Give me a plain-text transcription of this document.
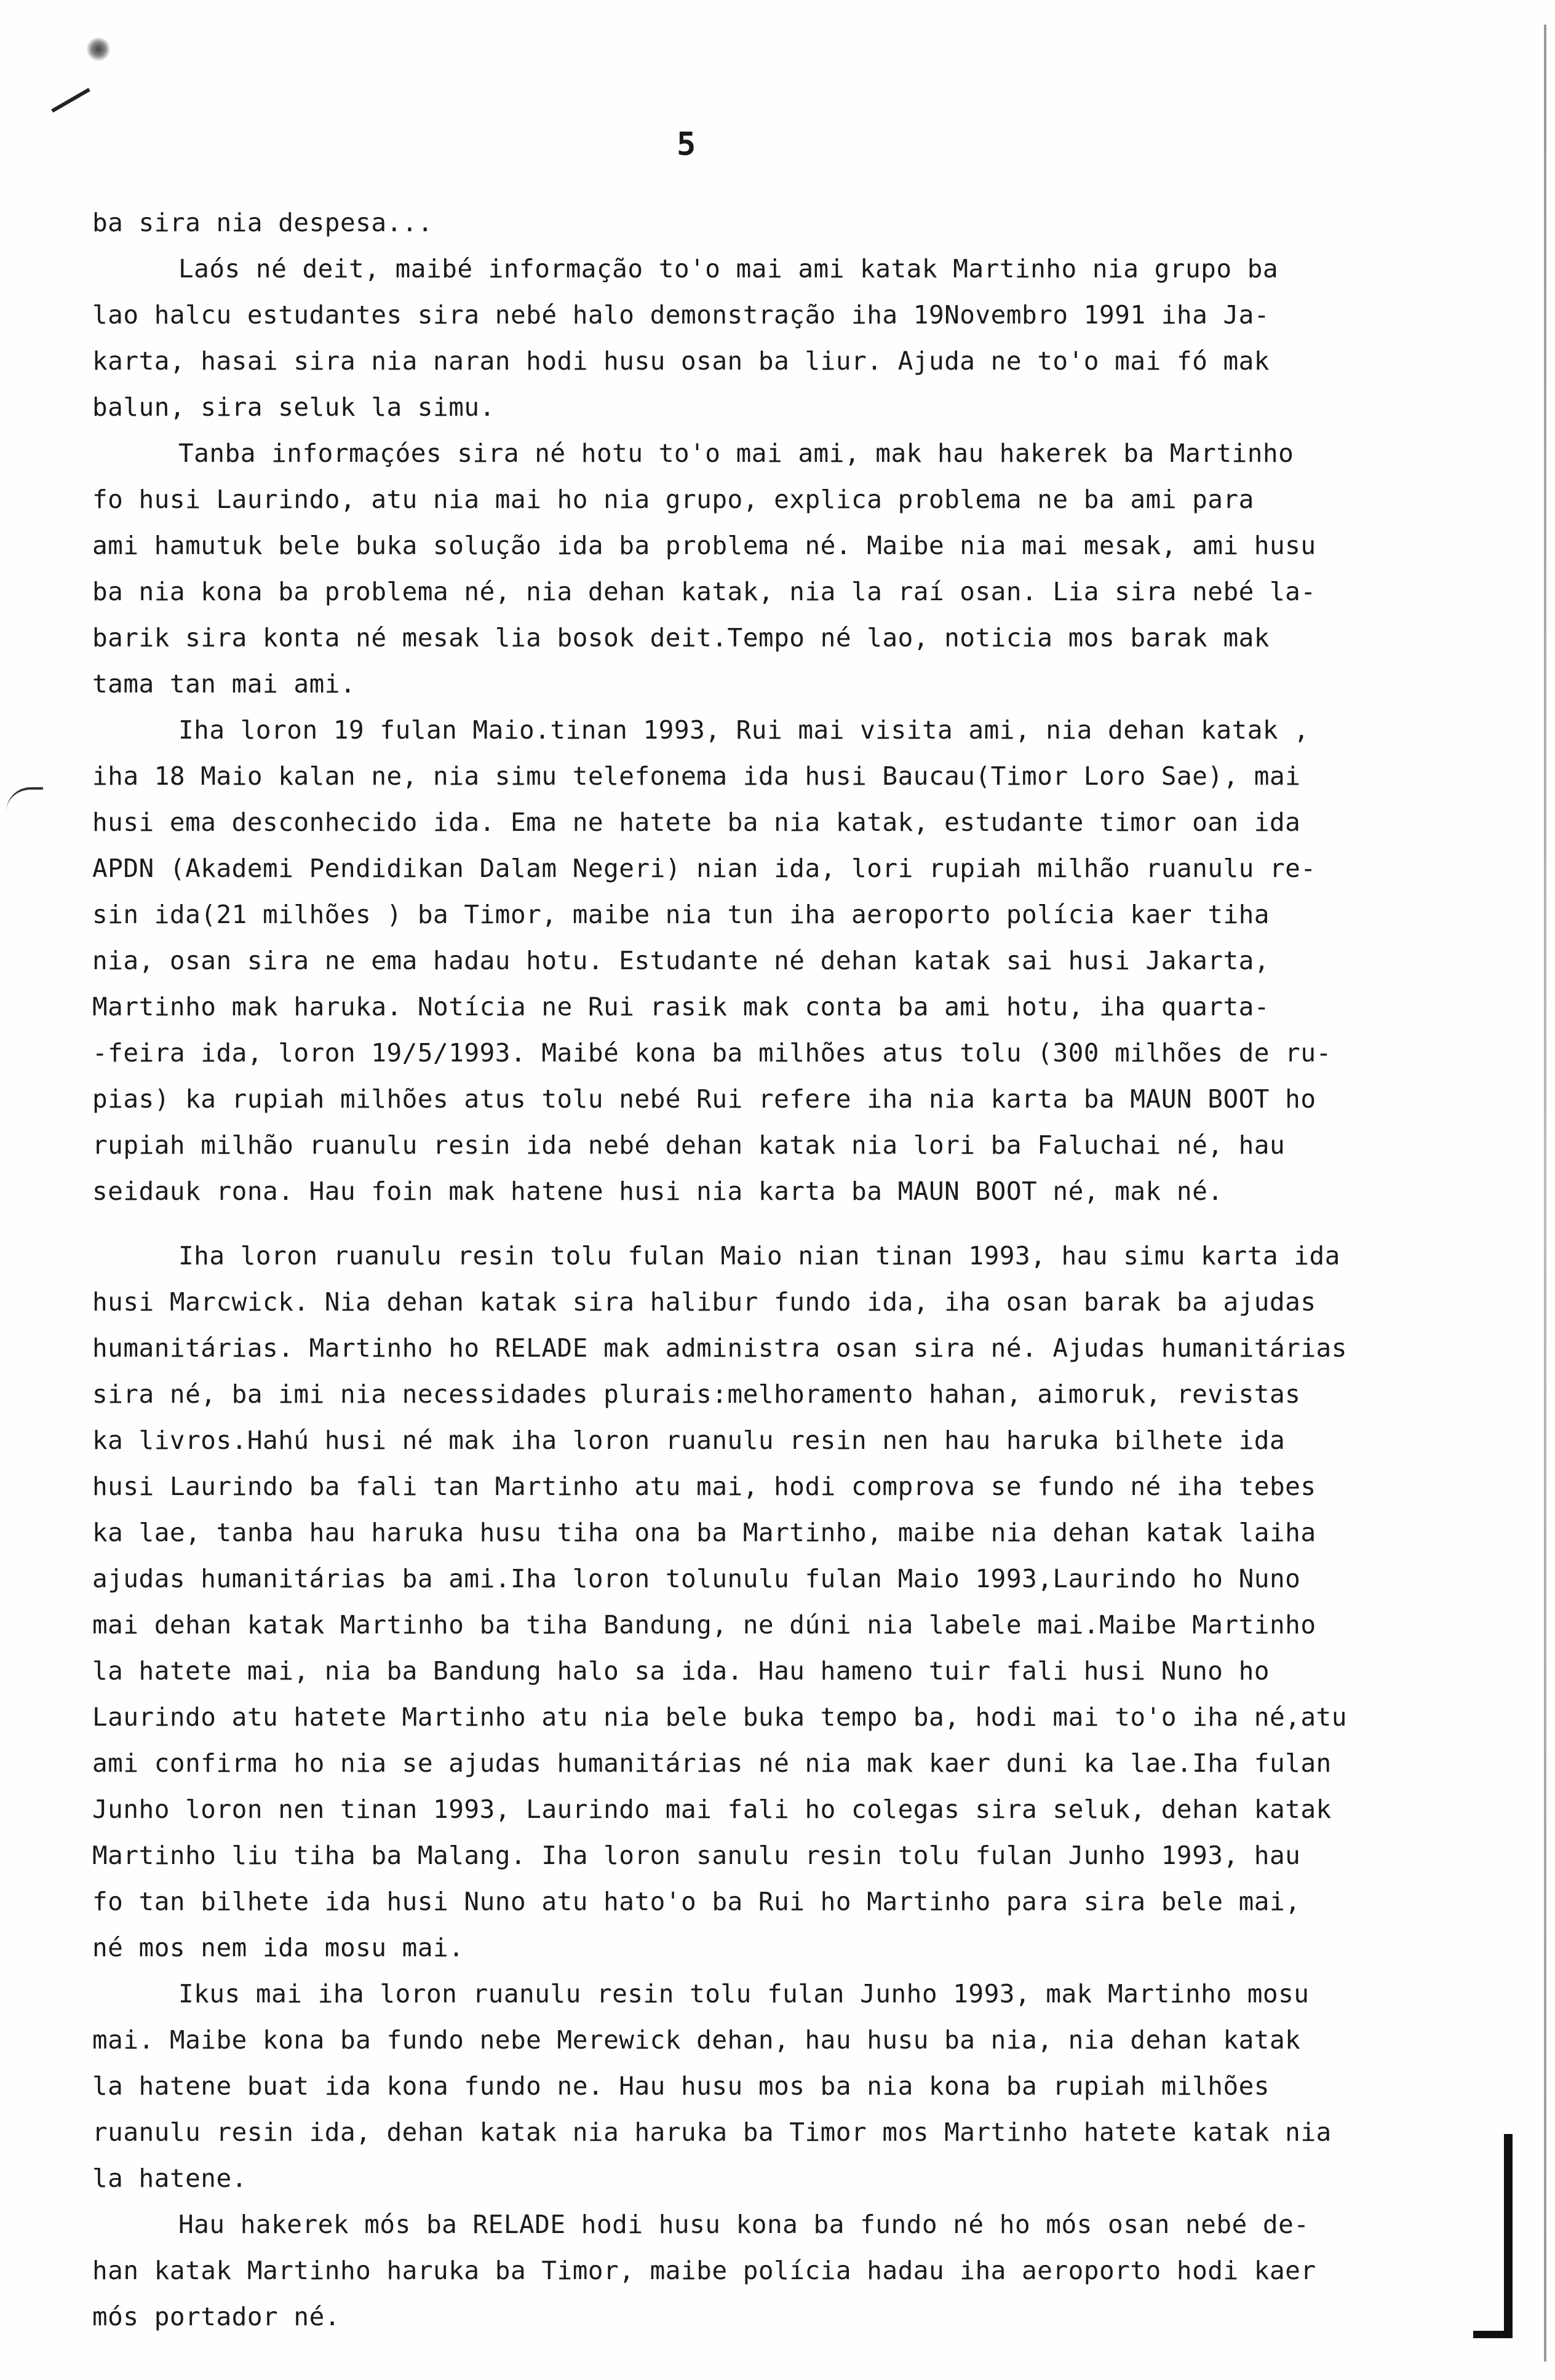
5
ba sira nia despesa...
Laós né deit, maibé informação to'o mai ami katak Martinho nia grupo ba
lao halcu estudantes sira nebé halo demonstração iha 19Novembro 1991 iha Ja-
karta, hasai sira nia naran hodi husu osan ba liur. Ajuda ne to'o mai fó mak
balun, sira seluk la simu.
Tanba informaçóes sira né hotu to'o mai ami, mak hau hakerek ba Martinho
fo husi Laurindo, atu nia mai ho nia grupo, explica problema ne ba ami para
ami hamutuk bele buka solução ida ba problema né. Maibe nia mai mesak, ami husu
ba nia kona ba problema né, nia dehan katak, nia la raí osan. Lia sira nebé la-
barik sira konta né mesak lia bosok deit.Tempo né lao, noticia mos barak mak
tama tan mai ami.
Iha loron 19 fulan Maio.tinan 1993, Rui mai visita ami, nia dehan katak ,
iha 18 Maio kalan ne, nia simu telefonema ida husi Baucau(Timor Loro Sae), mai
husi ema desconhecido ida. Ema ne hatete ba nia katak, estudante timor oan ida
APDN (Akademi Pendidikan Dalam Negeri) nian ida, lori rupiah milhão ruanulu re-
sin ida(21 milhões ) ba Timor, maibe nia tun iha aeroporto polícia kaer tiha
nia, osan sira ne ema hadau hotu. Estudante né dehan katak sai husi Jakarta,
Martinho mak haruka. Notícia ne Rui rasik mak conta ba ami hotu, iha quarta-
-feira ida, loron 19/5/1993. Maibé kona ba milhões atus tolu (300 milhões de ru-
pias) ka rupiah milhões atus tolu nebé Rui refere iha nia karta ba MAUN BOOT ho
rupiah milhão ruanulu resin ida nebé dehan katak nia lori ba Faluchai né, hau
seidauk rona. Hau foin mak hatene husi nia karta ba MAUN BOOT né, mak né.
Iha loron ruanulu resin tolu fulan Maio nian tinan 1993, hau simu karta ida
husi Marcwick. Nia dehan katak sira halibur fundo ida, iha osan barak ba ajudas
humanitárias. Martinho ho RELADE mak administra osan sira né. Ajudas humanitárias
sira né, ba imi nia necessidades plurais:melhoramento hahan, aimoruk, revistas
ka livros.Hahú husi né mak iha loron ruanulu resin nen hau haruka bilhete ida
husi Laurindo ba fali tan Martinho atu mai, hodi comprova se fundo né iha tebes
ka lae, tanba hau haruka husu tiha ona ba Martinho, maibe nia dehan katak laiha
ajudas humanitárias ba ami.Iha loron tolunulu fulan Maio 1993,Laurindo ho Nuno
mai dehan katak Martinho ba tiha Bandung, ne dúni nia labele mai.Maibe Martinho
la hatete mai, nia ba Bandung halo sa ida. Hau hameno tuir fali husi Nuno ho
Laurindo atu hatete Martinho atu nia bele buka tempo ba, hodi mai to'o iha né,atu
ami confirma ho nia se ajudas humanitárias né nia mak kaer duni ka lae.Iha fulan
Junho loron nen tinan 1993, Laurindo mai fali ho colegas sira seluk, dehan katak
Martinho liu tiha ba Malang. Iha loron sanulu resin tolu fulan Junho 1993, hau
fo tan bilhete ida husi Nuno atu hato'o ba Rui ho Martinho para sira bele mai,
né mos nem ida mosu mai.
Ikus mai iha loron ruanulu resin tolu fulan Junho 1993, mak Martinho mosu
mai. Maibe kona ba fundo nebe Merewick dehan, hau husu ba nia, nia dehan katak
la hatene buat ida kona fundo ne. Hau husu mos ba nia kona ba rupiah milhões
ruanulu resin ida, dehan katak nia haruka ba Timor mos Martinho hatete katak nia
la hatene.
Hau hakerek mós ba RELADE hodi husu kona ba fundo né ho mós osan nebé de-
han katak Martinho haruka ba Timor, maibe polícia hadau iha aeroporto hodi kaer
mós portador né.
